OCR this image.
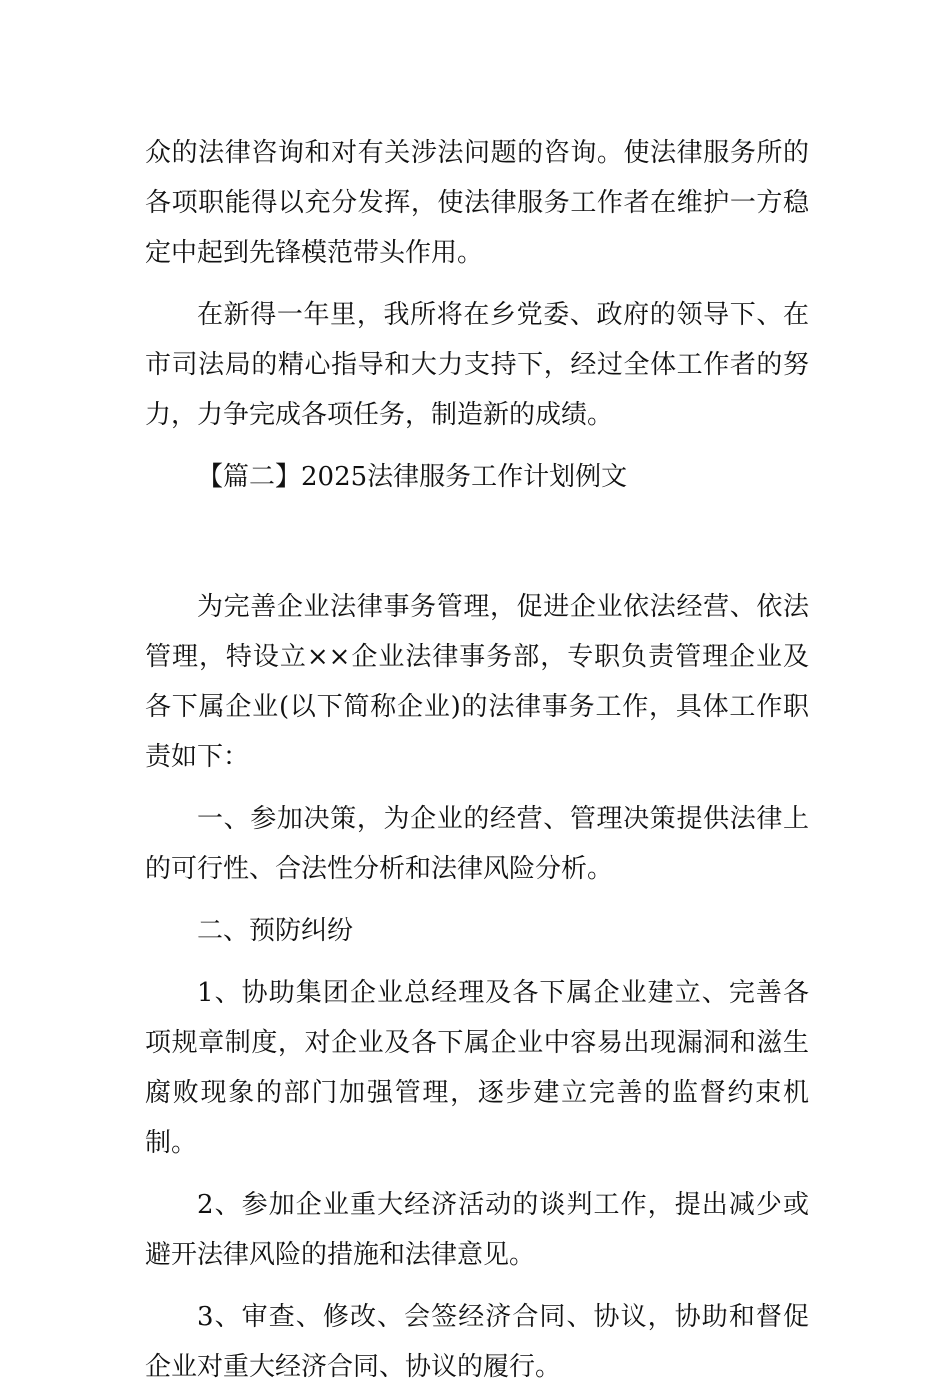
众的法律咨询和对有关涉法问题的咨询。使法律服务所的各项职能得以充分发挥，使法律服务工作者在维护一方稳定中起到先锋模范带头作用。

在新得一年里，我所将在乡党委、政府的领导下、在市司法局的精心指导和大力支持下，经过全体工作者的努力，力争完成各项任务，制造新的成绩。

【篇二】2025法律服务工作计划例文

为完善企业法律事务管理，促进企业依法经营、依法管理，特设立××企业法律事务部，专职负责管理企业及各下属企业(以下简称企业)的法律事务工作，具体工作职责如下：

一、参加决策，为企业的经营、管理决策提供法律上的可行性、合法性分析和法律风险分析。

二、预防纠纷

1、协助集团企业总经理及各下属企业建立、完善各项规章制度，对企业及各下属企业中容易出现漏洞和滋生腐败现象的部门加强管理，逐步建立完善的监督约束机制。

2、参加企业重大经济活动的谈判工作，提出减少或避开法律风险的措施和法律意见。

3、审查、修改、会签经济合同、协议，协助和督促企业对重大经济合同、协议的履行。
